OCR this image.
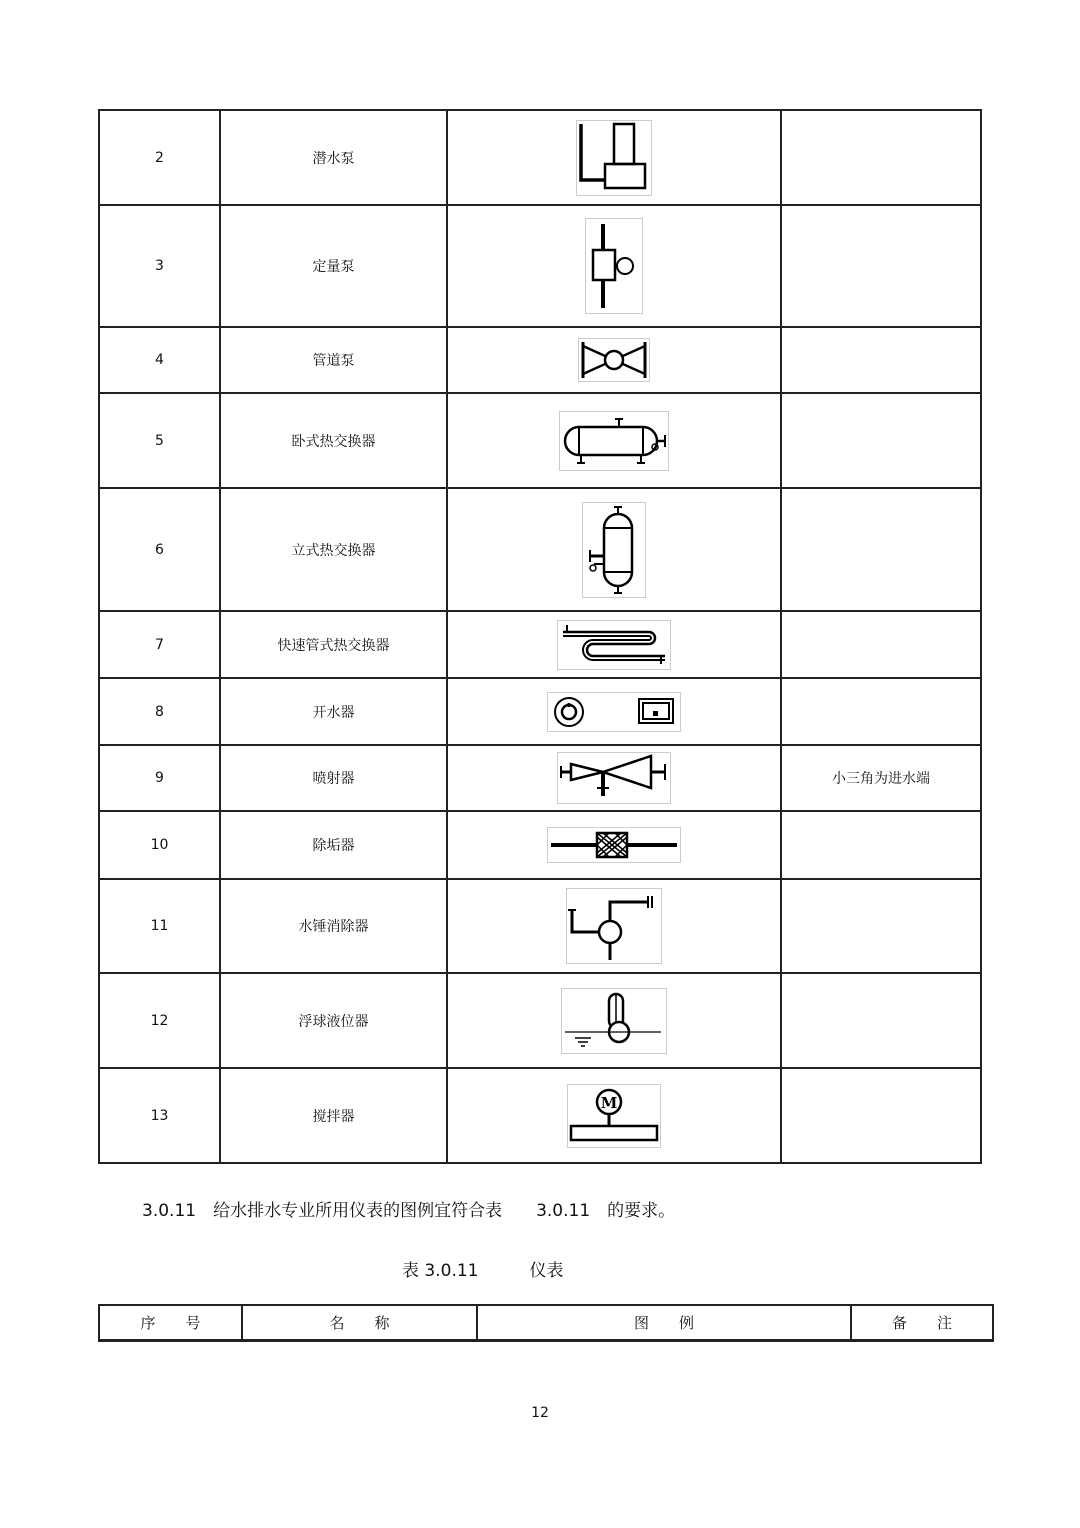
2	潜水泵	

3	定量泵	

4	管道泵	

5	卧式热交换器	

6	立式热交换器	

7	快速管式热交换器	

8	开水器	

9	喷射器		小三角为进水端
10	除垢器	

11	水锤消除器	

12	浮球液位器	

13	搅拌器	M	

3.0.11　给水排水专业所用仪表的图例宜符合表　　3.0.11　的要求。
表 3.0.11　　　仪表
序　　号	名　　称	图　　例	备　　注
12
